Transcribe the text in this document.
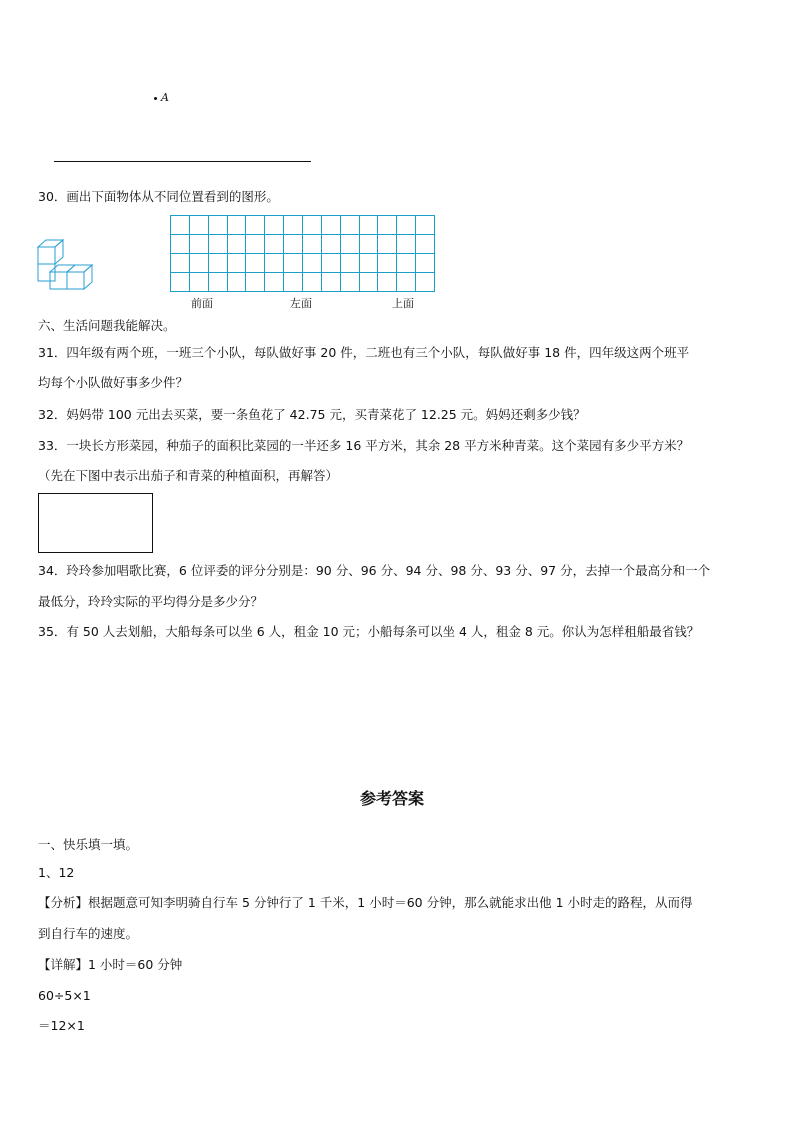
A
30．画出下面物体从不同位置看到的图形。
前面	左面	上面
六、生活问题我能解决。
31．四年级有两个班，一班三个小队，每队做好事 20 件，二班也有三个小队，每队做好事 18 件，四年级这两个班平
均每个小队做好事多少件？
32．妈妈带 100 元出去买菜，要一条鱼花了 42.75 元，买青菜花了 12.25 元。妈妈还剩多少钱？
33．一块长方形菜园，种茄子的面积比菜园的一半还多 16 平方米，其余 28 平方米种青菜。这个菜园有多少平方米？
（先在下图中表示出茄子和青菜的种植面积，再解答）
34．玲玲参加唱歌比赛，6 位评委的评分分别是：90 分、96 分、94 分、98 分、93 分、97 分，去掉一个最高分和一个
最低分，玲玲实际的平均得分是多少分？
35．有 50 人去划船，大船每条可以坐 6 人，租金 10 元；小船每条可以坐 4 人，租金 8 元。你认为怎样租船最省钱？
参考答案
一、快乐填一填。
1、12
【分析】根据题意可知李明骑自行车 5 分钟行了 1 千米，1 小时＝60 分钟，那么就能求出他 1 小时走的路程，从而得
到自行车的速度。
【详解】1 小时＝60 分钟
60÷5×1
＝12×1
